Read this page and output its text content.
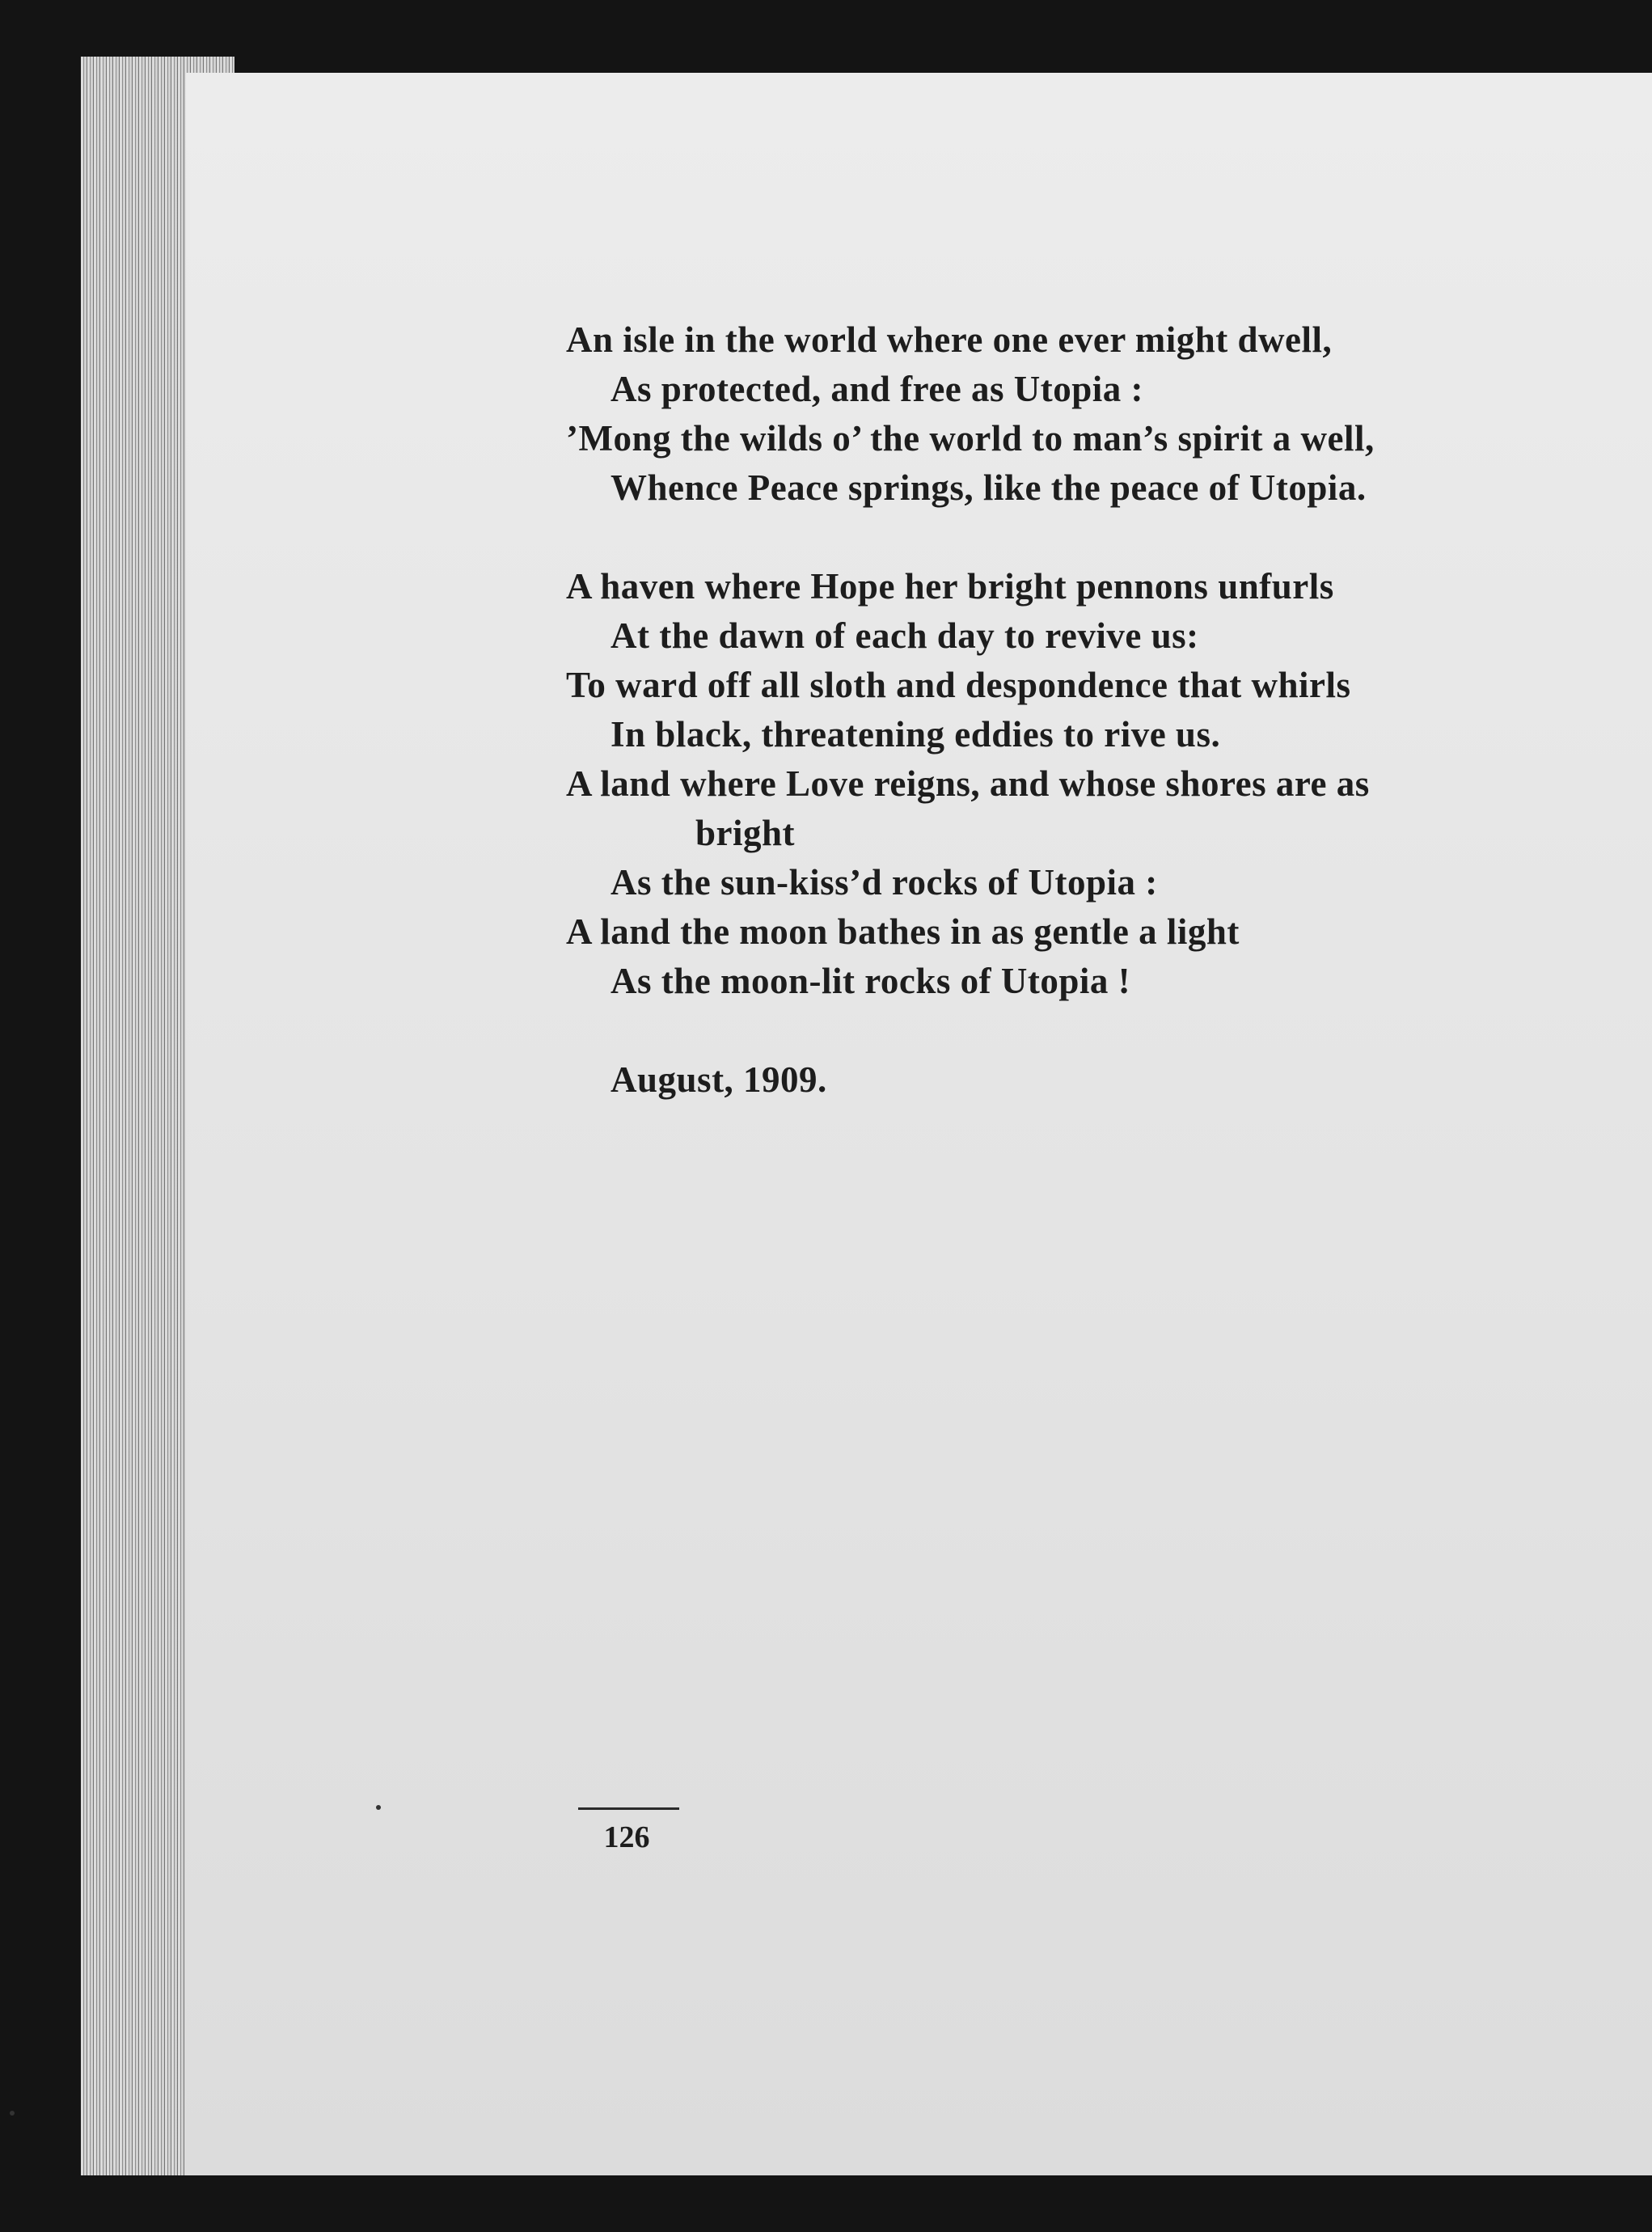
An isle in the world where one ever might dwell,
As protected, and free as Utopia :
’Mong the wilds o’ the world to man’s spirit a well,
Whence Peace springs, like the peace of Utopia.
A haven where Hope her bright pennons unfurls
At the dawn of each day to revive us:
To ward off all sloth and despondence that whirls
In black, threatening eddies to rive us.
A land where Love reigns, and whose shores are as
bright
As the sun-kiss’d rocks of Utopia :
A land the moon bathes in as gentle a light
As the moon-lit rocks of Utopia !
August, 1909.
126
